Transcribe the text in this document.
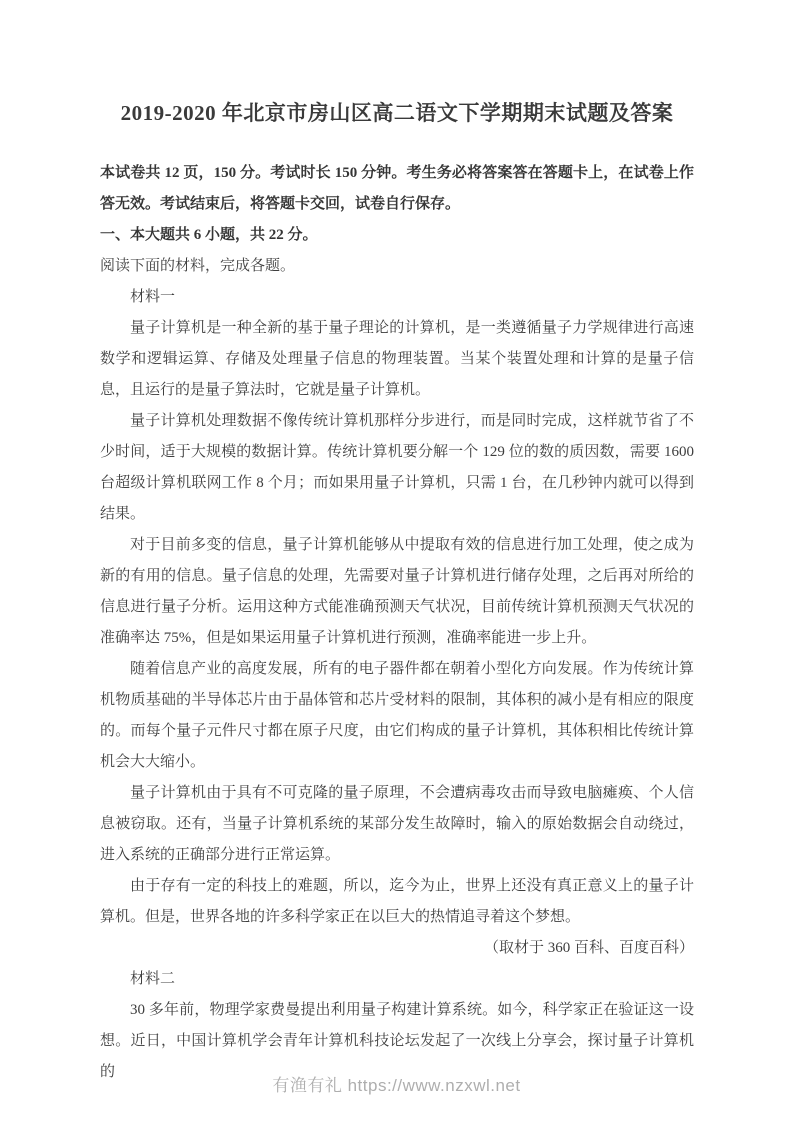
2019-2020 年北京市房山区高二语文下学期期末试题及答案

本试卷共 12 页，150 分。考试时长 150 分钟。考生务必将答案答在答题卡上，在试卷上作答无效。考试结束后，将答题卡交回，试卷自行保存。

一、本大题共 6 小题，共 22 分。

阅读下面的材料，完成各题。

材料一

量子计算机是一种全新的基于量子理论的计算机，是一类遵循量子力学规律进行高速数学和逻辑运算、存储及处理量子信息的物理装置。当某个装置处理和计算的是量子信息，且运行的是量子算法时，它就是量子计算机。

量子计算机处理数据不像传统计算机那样分步进行，而是同时完成，这样就节省了不少时间，适于大规模的数据计算。传统计算机要分解一个 129 位的数的质因数，需要 1600 台超级计算机联网工作 8 个月；而如果用量子计算机，只需 1 台，在几秒钟内就可以得到结果。

对于目前多变的信息，量子计算机能够从中提取有效的信息进行加工处理，使之成为新的有用的信息。量子信息的处理，先需要对量子计算机进行储存处理，之后再对所给的信息进行量子分析。运用这种方式能准确预测天气状况，目前传统计算机预测天气状况的准确率达 75%，但是如果运用量子计算机进行预测，准确率能进一步上升。

随着信息产业的高度发展，所有的电子器件都在朝着小型化方向发展。作为传统计算机物质基础的半导体芯片由于晶体管和芯片受材料的限制，其体积的减小是有相应的限度的。而每个量子元件尺寸都在原子尺度，由它们构成的量子计算机，其体积相比传统计算机会大大缩小。

量子计算机由于具有不可克隆的量子原理，不会遭病毒攻击而导致电脑瘫痪、个人信息被窃取。还有，当量子计算机系统的某部分发生故障时，输入的原始数据会自动绕过，进入系统的正确部分进行正常运算。

由于存有一定的科技上的难题，所以，迄今为止，世界上还没有真正意义上的量子计算机。但是，世界各地的许多科学家正在以巨大的热情追寻着这个梦想。

（取材于 360 百科、百度百科）

材料二

30 多年前，物理学家费曼提出利用量子构建计算系统。如今，科学家正在验证这一设想。近日，中国计算机学会青年计算机科技论坛发起了一次线上分享会，探讨量子计算机的

有渔有礼 https://www.nzxwl.net
